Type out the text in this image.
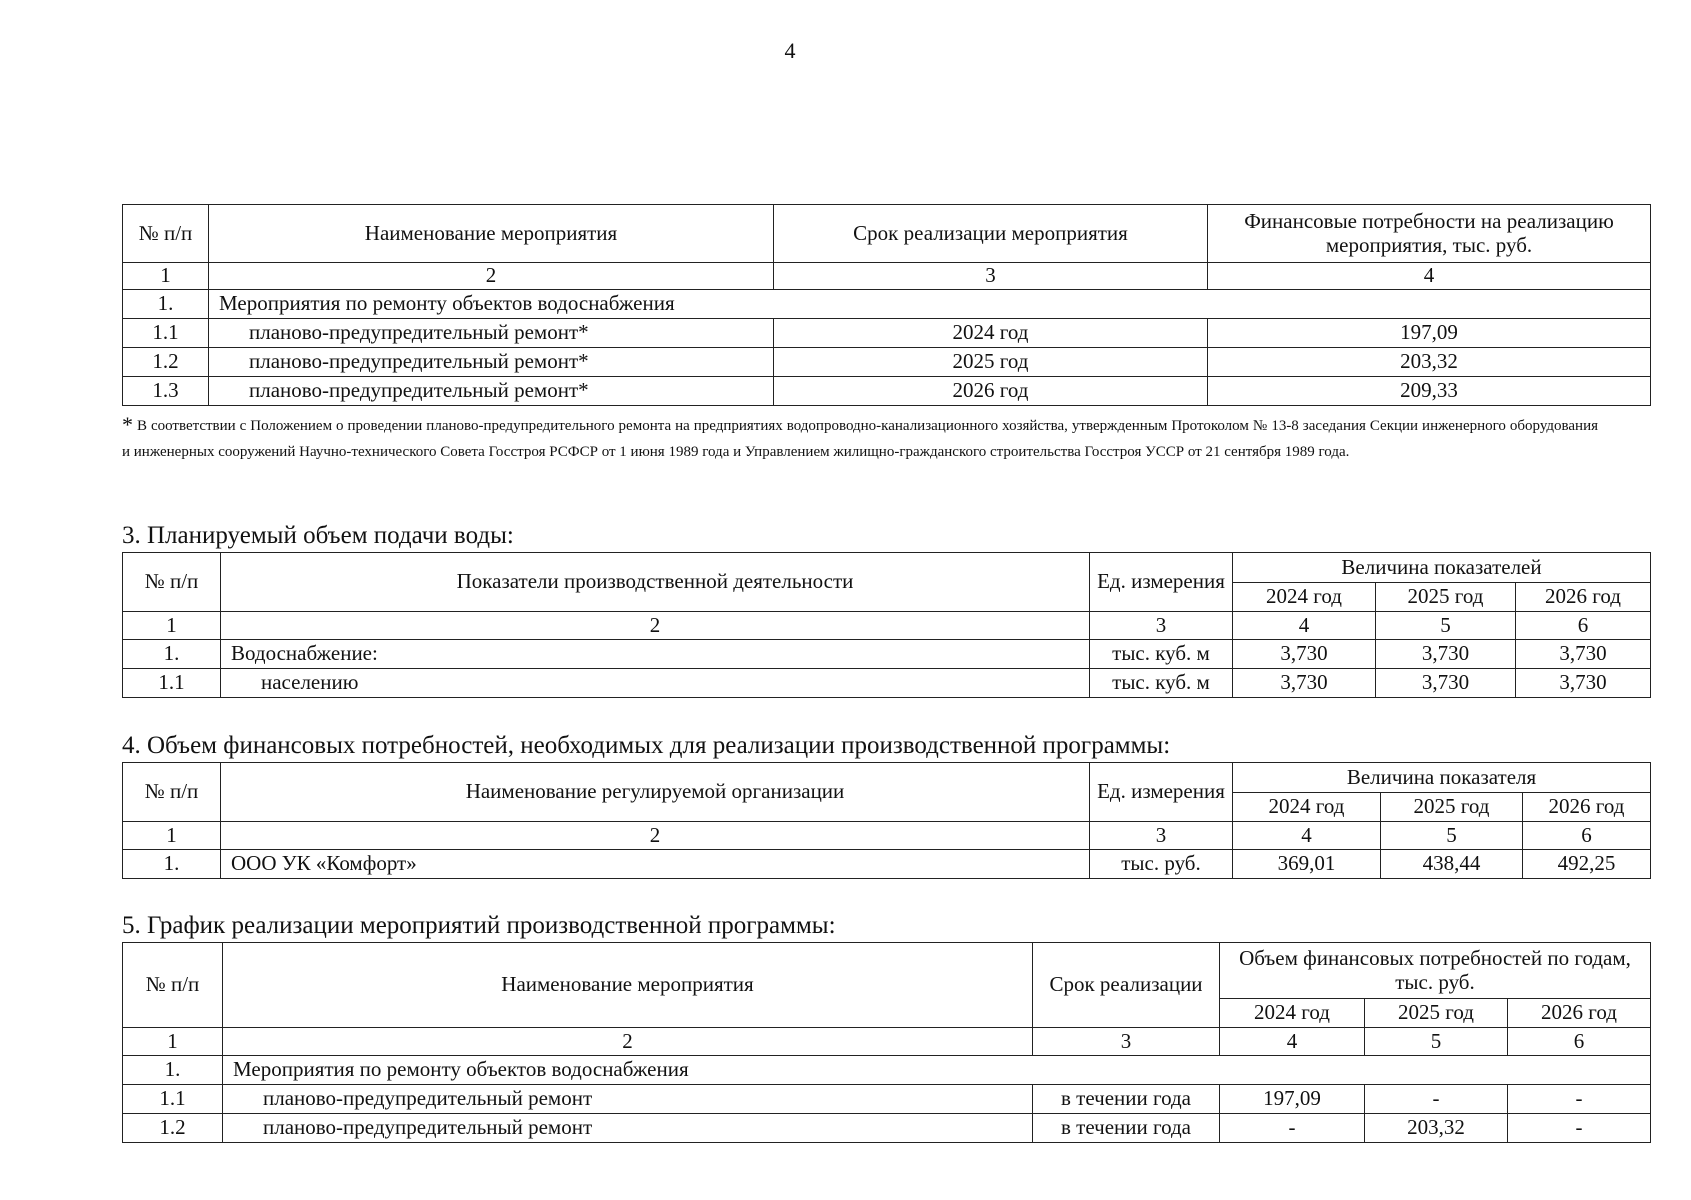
4
№ п/п	Наименование мероприятия	Срок реализации мероприятия	Финансовые потребности на реализацию мероприятия, тыс. руб.
1	2	3	4
1.	Мероприятия по ремонту объектов водоснабжения		
1.1	планово-предупредительный ремонт*	2024 год	197,09
1.2	планово-предупредительный ремонт*	2025 год	203,32
1.3	планово-предупредительный ремонт*	2026 год	209,33
* В соответствии с Положением о проведении планово-предупредительного ремонта на предприятиях водопроводно-канализационного хозяйства, утвержденным Протоколом № 13-8 заседания Секции инженерного оборудования и инженерных сооружений Научно-технического Совета Госстроя РСФСР от 1 июня 1989 года и Управлением жилищно-гражданского строительства Госстроя УССР от 21 сентября 1989 года.
3. Планируемый объем подачи воды:
№ п/п	Показатели производственной деятельности	Ед. измерения	Величина показателей		
			2024 год	2025 год	2026 год
1	2	3	4	5	6
1.	Водоснабжение:	тыс. куб. м	3,730	3,730	3,730
1.1	населению	тыс. куб. м	3,730	3,730	3,730
4. Объем финансовых потребностей, необходимых для реализации производственной программы:
№ п/п	Наименование регулируемой организации	Ед. измерения	Величина показателя		
			2024 год	2025 год	2026 год
1	2	3	4	5	6
1.	ООО УК «Комфорт»	тыс. руб.	369,01	438,44	492,25
5. График реализации мероприятий производственной программы:
№ п/п	Наименование мероприятия	Срок реализации	Объем финансовых потребностей по годам, тыс. руб.		
			2024 год	2025 год	2026 год
1	2	3	4	5	6
1.	Мероприятия по ремонту объектов водоснабжения				
1.1	планово-предупредительный ремонт	в течении года	197,09	-	-
1.2	планово-предупредительный ремонт	в течении года	-	203,32	-
